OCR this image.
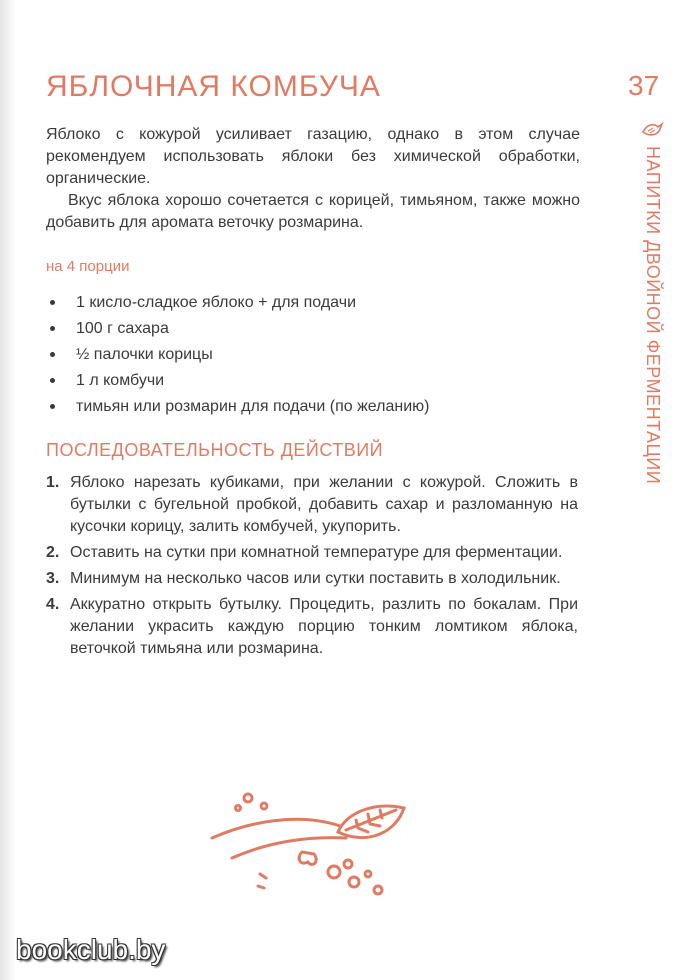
ЯБЛОЧНАЯ КОМБУЧА	37
НАПИТКИ ДВОЙНОЙ ФЕРМЕНТАЦИИ

Яблоко с кожурой усиливает газацию, однако в этом случае рекомендуем использовать яблоки без химической обработки, органические.

Вкус яблока хорошо сочетается с корицей, тимьяном, также можно добавить для аромата веточку розмарина.

на 4 порции
1 кисло-сладкое яблоко + для подачи
100 г сахара
½ палочки корицы
1 л комбучи
тимьян или розмарин для подачи (по желанию)
ПОСЛЕДОВАТЕЛЬНОСТЬ ДЕЙСТВИЙ
1. Яблоко нарезать кубиками, при желании с кожурой. Сложить в бутылки с бугельной пробкой, добавить сахар и разломанную на кусочки корицу, залить комбучей, укупорить.
2. Оставить на сутки при комнатной температуре для ферментации.
3. Минимум на несколько часов или сутки поставить в холодильник.
4. Аккуратно открыть бутылку. Процедить, разлить по бокалам. При желании украсить каждую порцию тонким ломтиком яблока, веточкой тимьяна или розмарина.
bookclub.by
